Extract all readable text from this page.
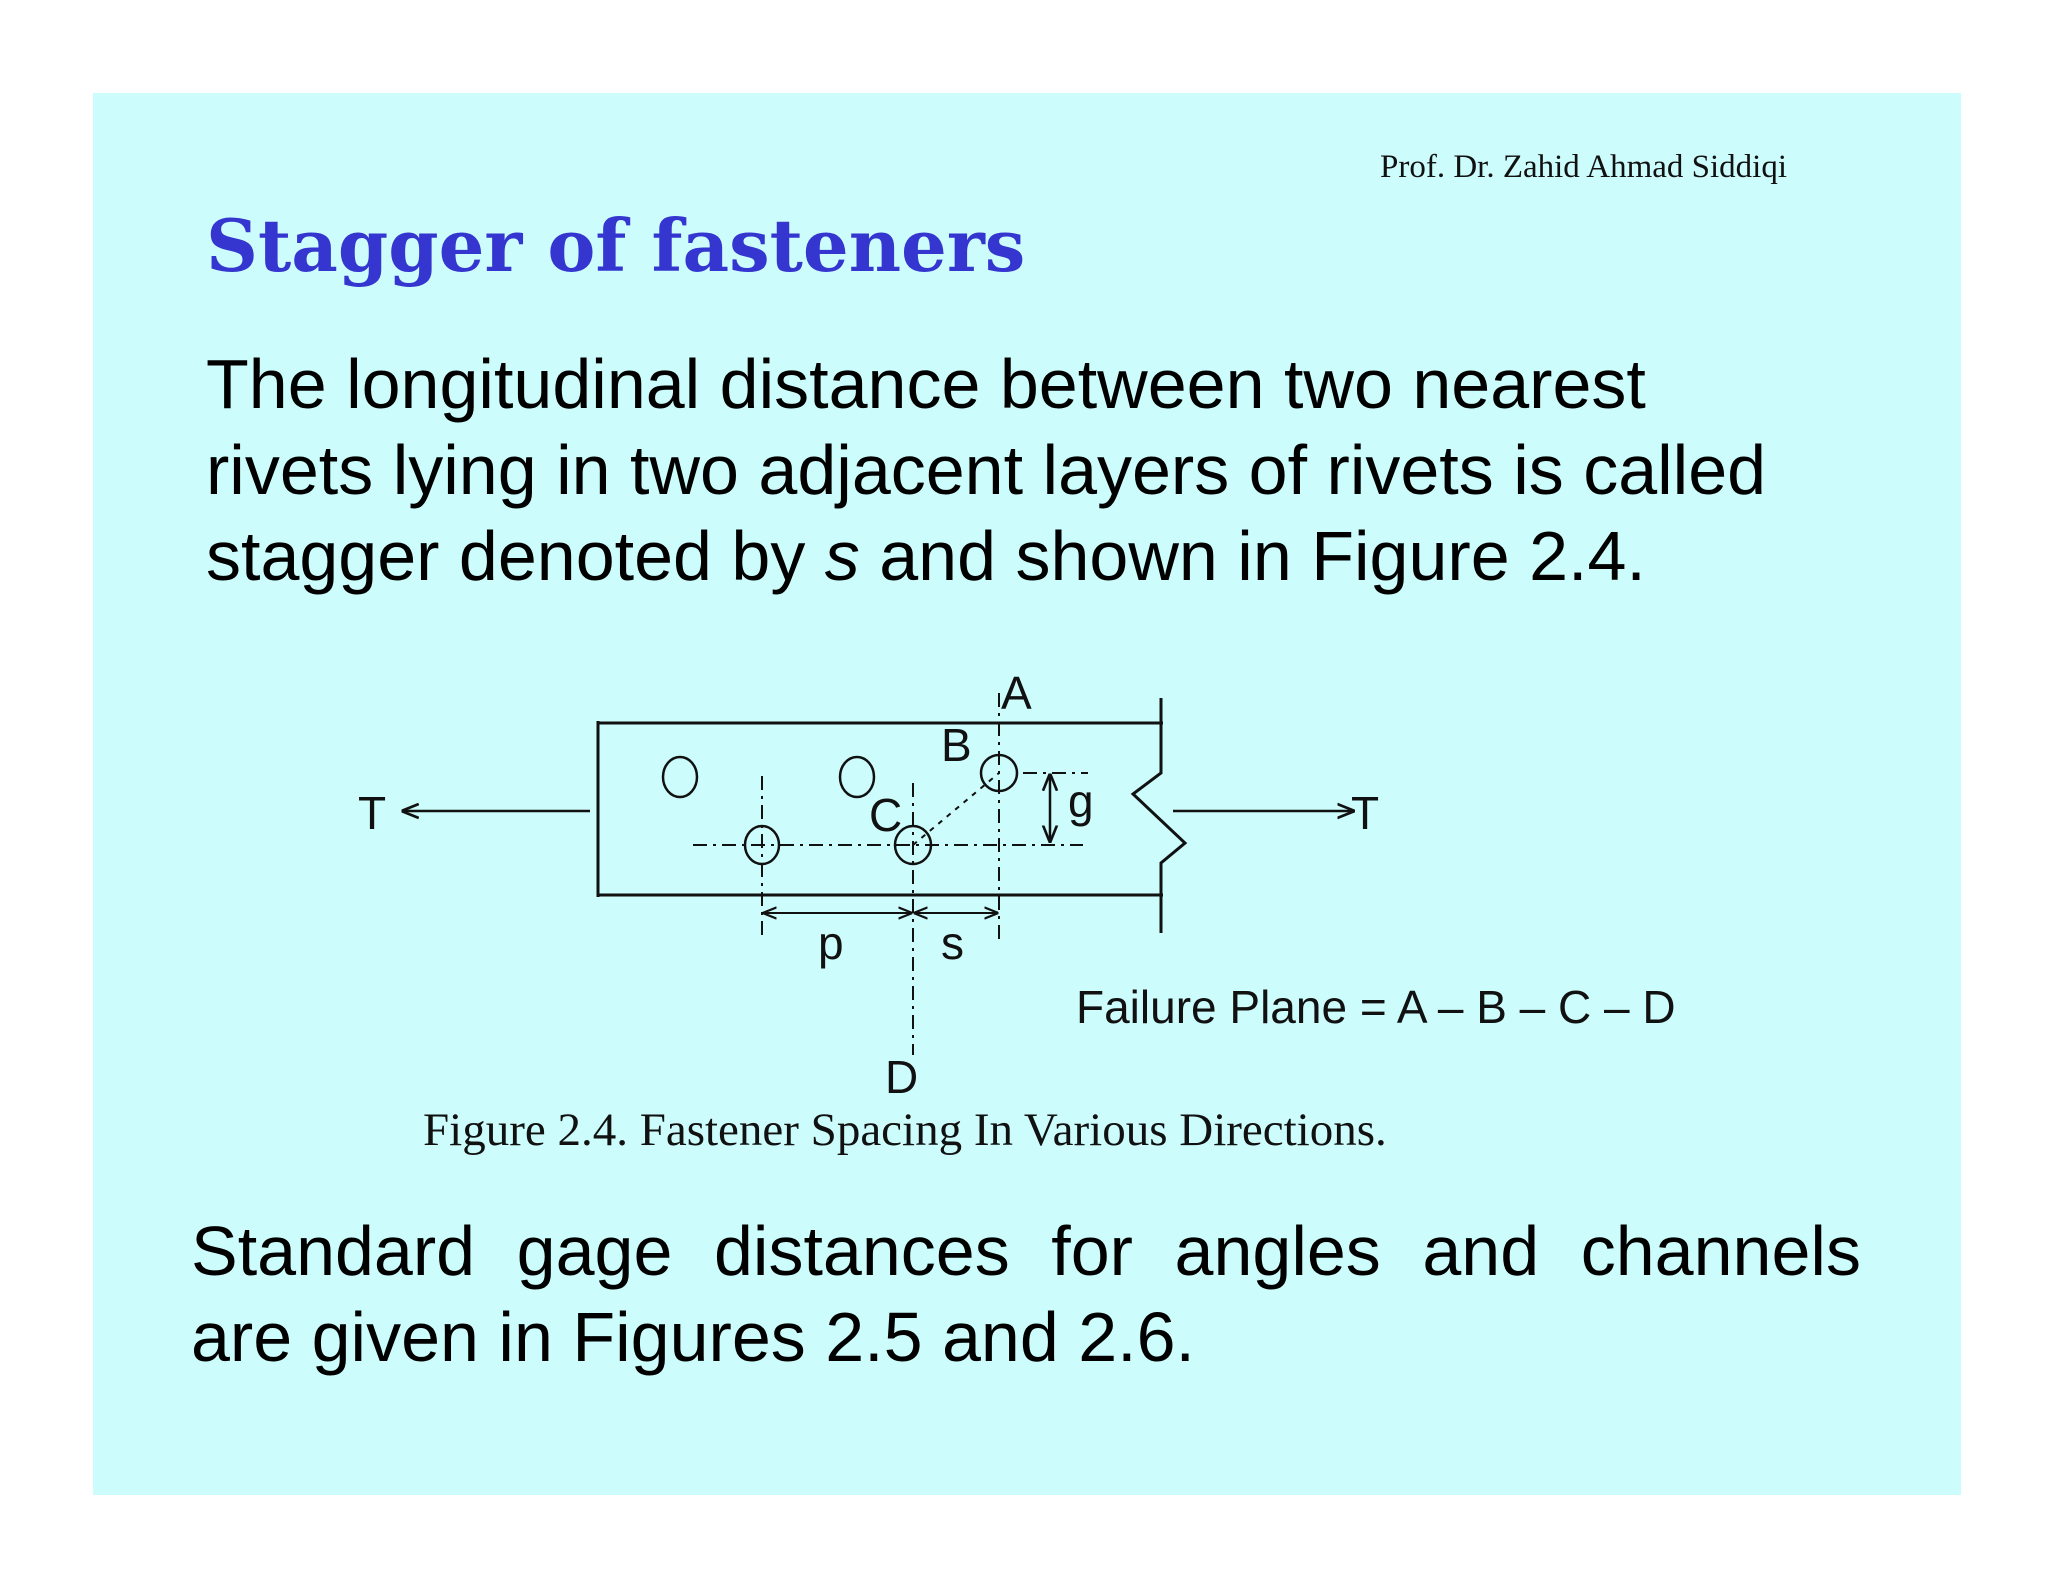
Prof. Dr. Zahid Ahmad Siddiqi
Stagger of fasteners

The longitudinal distance between two nearest
rivets lying in two adjacent layers of rivets is called
stagger denoted by s and shown in Figure 2.4.

T	T
g
p s
A
B
C
D
Failure Plane = A – B – C – D
Figure 2.4. Fastener Spacing In Various Directions.

Standard gage distances for angles and channels
are given in Figures 2.5 and 2.6.
